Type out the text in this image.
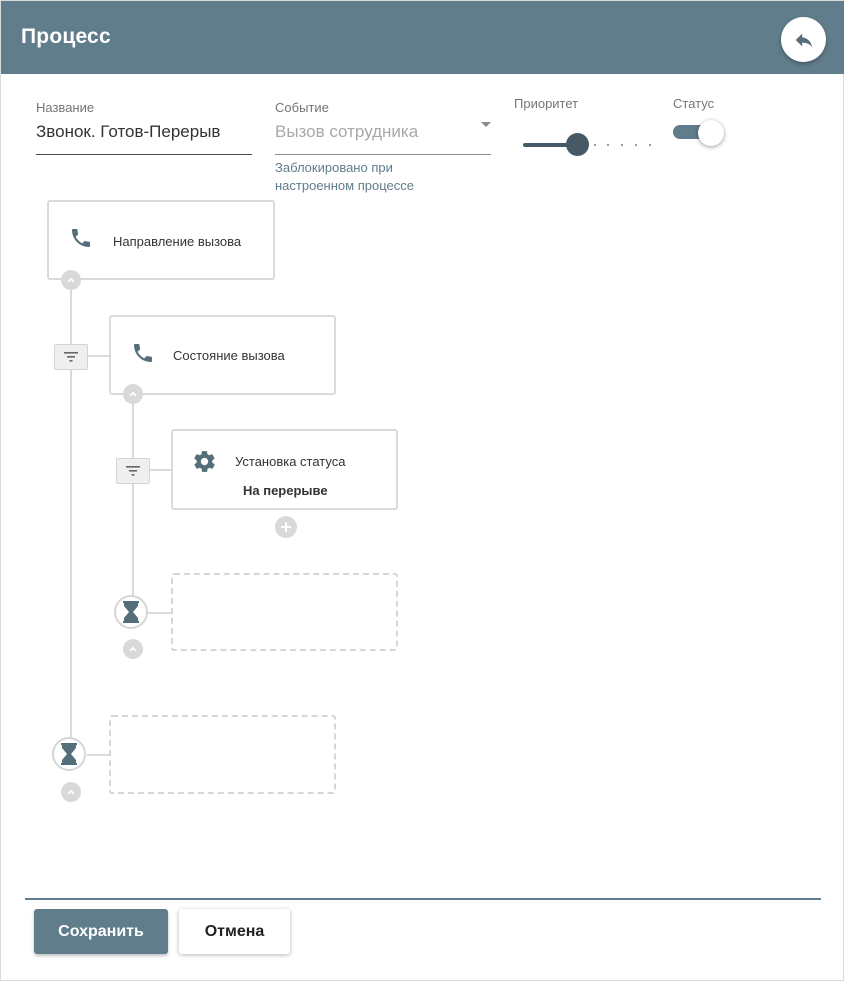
Процесс
Название
Звонок. Готов-Перерыв
Событие
Вызов сотрудника
Заблокировано при
настроенном процессе
Приоритет	Статус
Направление вызова
Состояние вызова
Установка статуса
На перерыве
Сохранить	Отмена
